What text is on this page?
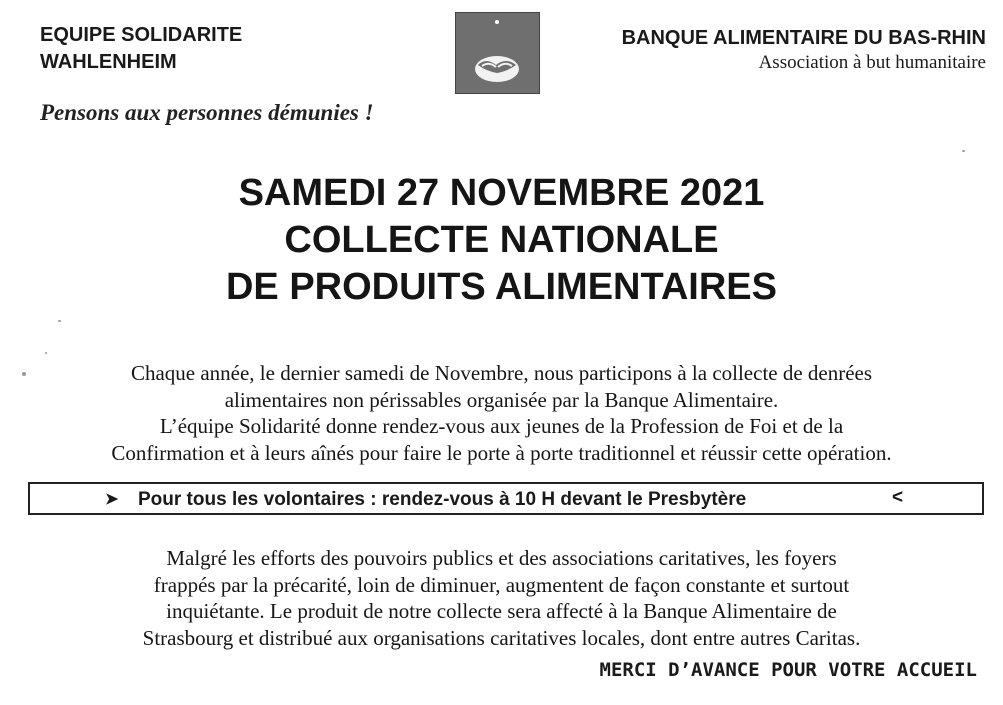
EQUIPE SOLIDARITE
WAHLENHEIM
BANQUE ALIMENTAIRE DU BAS-RHIN
Association à but humanitaire
Pensons aux personnes démunies !
SAMEDI 27 NOVEMBRE 2021
COLLECTE NATIONALE
DE PRODUITS ALIMENTAIRES
Chaque année, le dernier samedi de Novembre, nous participons à la collecte de denrées
alimentaires non périssables organisée par la Banque Alimentaire.
L’équipe Solidarité donne rendez-vous aux jeunes de la Profession de Foi et de la
Confirmation et à leurs aînés pour faire le porte à porte traditionnel et réussir cette opération.
➤ Pour tous les volontaires : rendez-vous à 10 H devant le Presbytère	<
Malgré les efforts des pouvoirs publics et des associations caritatives, les foyers
frappés par la précarité, loin de diminuer, augmentent de façon constante et surtout
inquiétante. Le produit de notre collecte sera affecté à la Banque Alimentaire de
Strasbourg et distribué aux organisations caritatives locales, dont entre autres Caritas.
MERCI D’AVANCE POUR VOTRE ACCUEIL
